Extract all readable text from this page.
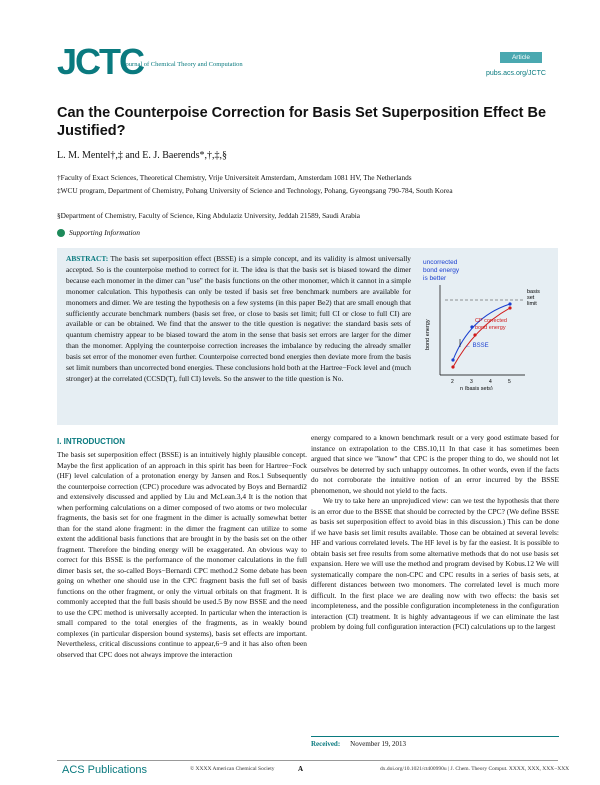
JCTC
Journal of Chemical Theory and Computation
Article
pubs.acs.org/JCTC
Can the Counterpoise Correction for Basis Set Superposition Effect Be Justified?
L. M. Mentel†,‡ and E. J. Baerends*,†,‡,§
†Faculty of Exact Sciences, Theoretical Chemistry, Vrije Universiteit Amsterdam, Amsterdam 1081 HV, The Netherlands
‡WCU program, Department of Chemistry, Pohang University of Science and Technology, Pohang, Gyeongsang 790-784, South Korea
§Department of Chemistry, Faculty of Science, King Abdulaziz University, Jeddah 21589, Saudi Arabia
Supporting Information
ABSTRACT: The basis set superposition effect (BSSE) is a simple concept, and its validity is almost universally accepted. So is the counterpoise method to correct for it. The idea is that the basis set is biased toward the dimer because each monomer in the dimer can "use" the basis functions on the other monomer, which it cannot in a simple monomer calculation. This hypothesis can only be tested if basis set free benchmark numbers are available for monomers and dimer. We are testing the hypothesis on a few systems (in this paper Be2) that are small enough that sufficiently accurate benchmark numbers (basis set free, or close to basis set limit; full CI or close to full CI) are available or can be obtained. We find that the answer to the title question is negative: the standard basis sets of quantum chemistry appear to be biased toward the atom in the sense that basis set errors are larger for the dimer than the monomer. Applying the counterpoise correction increases the imbalance by reducing the already smaller basis set error of the monomer even further. Counterpoise corrected bond energies then deviate more from the basis set limit numbers than uncorrected bond energies. These conclusions hold both at the Hartree−Fock level and (much stronger) at the correlated (CCSD(T), full CI) levels. So the answer to the title question is No.
uncorrected bond energy is better
bond energy
basis set limit
CP corrected bond energy
← BSSE
2	3	4	5
n (basis sets)
I. INTRODUCTION
The basis set superposition effect (BSSE) is an intuitively highly plausible concept. Maybe the first application of an approach in this spirit has been for Hartree−Fock (HF) level calculation of a protonation energy by Jansen and Ros.1 Subsequently the counterpoise correction (CPC) procedure was advocated by Boys and Bernardi2 and extensively discussed and applied by Liu and McLean.3,4 It is the notion that when performing calculations on a dimer composed of two atoms or two molecular fragments, the basis set for one fragment in the dimer is actually somewhat better than for the stand alone fragment: in the dimer the fragment can utilize to some extent the additional basis functions that are brought in by the basis set on the other fragment. Therefore the binding energy will be exaggerated. An obvious way to correct for this BSSE is the performance of the monomer calculations in the full dimer basis set, the so-called Boys−Bernardi CPC method.2 Some debate has been going on whether one should use in the CPC fragment basis the full set of basis functions on the other fragment, or only the virtual orbitals on that fragment. It is commonly accepted that the full basis should be used.5 By now BSSE and the need to use the CPC method is universally accepted. In particular when the interaction is small compared to the total energies of the fragments, as in weakly bound complexes (in particular dispersion bound systems), basis set effects are important. Nevertheless, critical discussions continue to appear,6−9 and it has also often been observed that CPC does not always improve the interaction
energy compared to a known benchmark result or a very good estimate based for instance on extrapolation to the CBS.10,11 In that case it has sometimes been argued that since we "know" that CPC is the proper thing to do, we should not let ourselves be deterred by such unhappy outcomes. In other words, even if the facts do not corroborate the intuitive notion of an error incurred by the BSSE phenomenon, we should not yield to the facts.
We try to take here an unprejudiced view: can we test the hypothesis that there is an error due to the BSSE that should be corrected by the CPC? (We define BSSE as basis set superposition effect to avoid bias in this discussion.) This can be done if we have basis set limit results available. Those can be obtained at several levels: HF and various correlated levels. The HF level is by far the easiest. It is possible to obtain basis set free results from some alternative methods that do not use basis set expansion. Here we will use the method and program devised by Kobus.12 We will systematically compare the non-CPC and CPC results in a series of basis sets, at different distances between two monomers. The correlated level is much more difficult. In the first place we are dealing now with two effects: the basis set incompleteness, and the possible configuration incompleteness in the configuration interaction (CI) treatment. It is highly advantageous if we can eliminate the last problem by doing full configuration interaction (FCI) calculations up to the largest
Received: November 19, 2013
ACS Publications	© XXXX American Chemical Society	A	dx.doi.org/10.1021/ct400990u | J. Chem. Theory Comput. XXXX, XXX, XXX−XXX
